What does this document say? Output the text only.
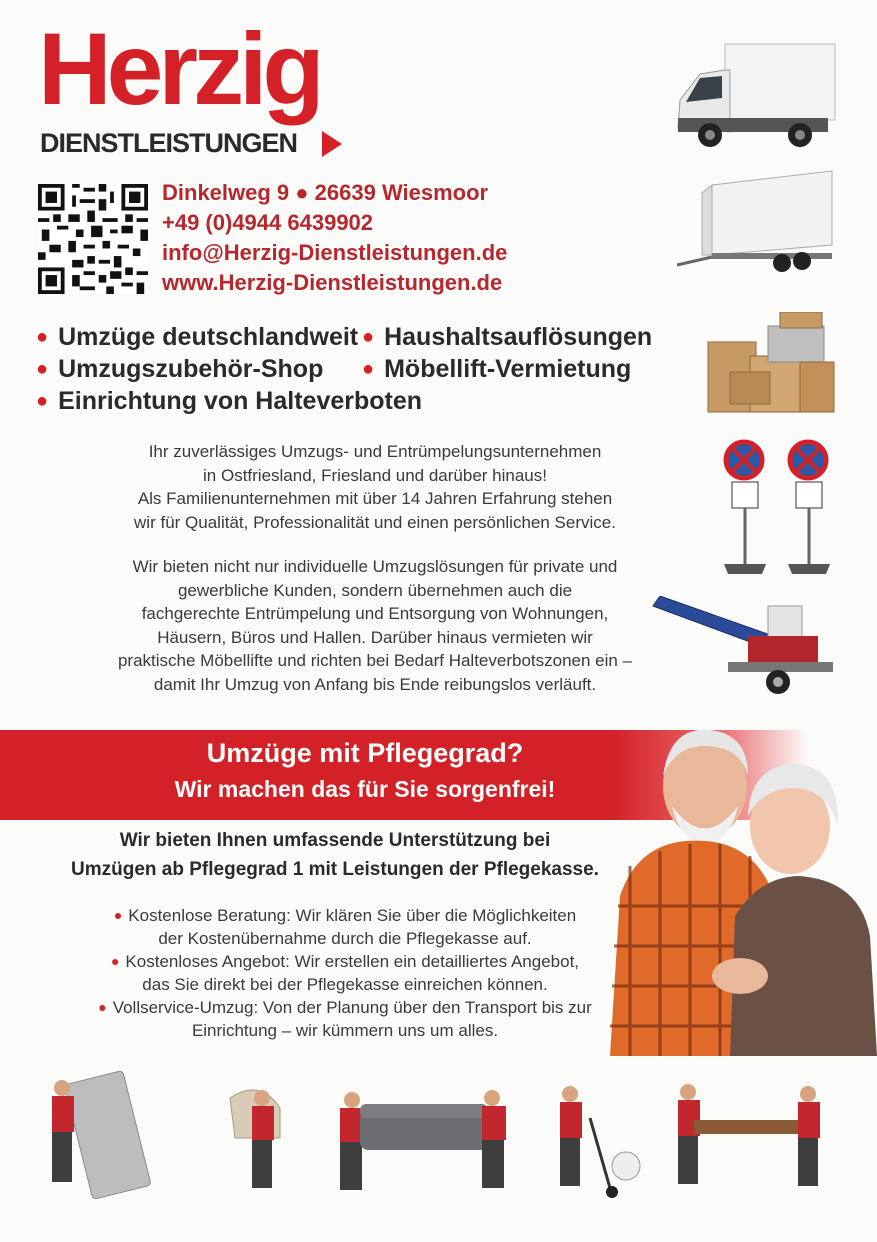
Herzig
DIENSTLEISTUNGEN
Dinkelweg 9 ● 26639 Wiesmoor
+49 (0)4944 6439902
info@Herzig-Dienstleistungen.de
www.Herzig-Dienstleistungen.de
● Umzüge deutschlandweit ● Haushaltsauflösungen
● Umzugszubehör-Shop ● Möbellift-Vermietung
● Einrichtung von Halteverboten
Ihr zuverlässiges Umzugs- und Entrümpelungsunternehmen
in Ostfriesland, Friesland und darüber hinaus!
Als Familienunternehmen mit über 14 Jahren Erfahrung stehen
wir für Qualität, Professionalität und einen persönlichen Service.
Wir bieten nicht nur individuelle Umzugslösungen für private und
gewerbliche Kunden, sondern übernehmen auch die
fachgerechte Entrümpelung und Entsorgung von Wohnungen,
Häusern, Büros und Hallen. Darüber hinaus vermieten wir
praktische Möbellifte und richten bei Bedarf Halteverbotszonen ein –
damit Ihr Umzug von Anfang bis Ende reibungslos verläuft.
Umzüge mit Pflegegrad?
Wir machen das für Sie sorgenfrei!
Wir bieten Ihnen umfassende Unterstützung bei
Umzügen ab Pflegegrad 1 mit Leistungen der Pflegekasse.
● Kostenlose Beratung: Wir klären Sie über die Möglichkeiten
der Kostenübernahme durch die Pflegekasse auf.
● Kostenloses Angebot: Wir erstellen ein detailliertes Angebot,
das Sie direkt bei der Pflegekasse einreichen können.
● Vollservice-Umzug: Von der Planung über den Transport bis zur
Einrichtung – wir kümmern uns um alles.
